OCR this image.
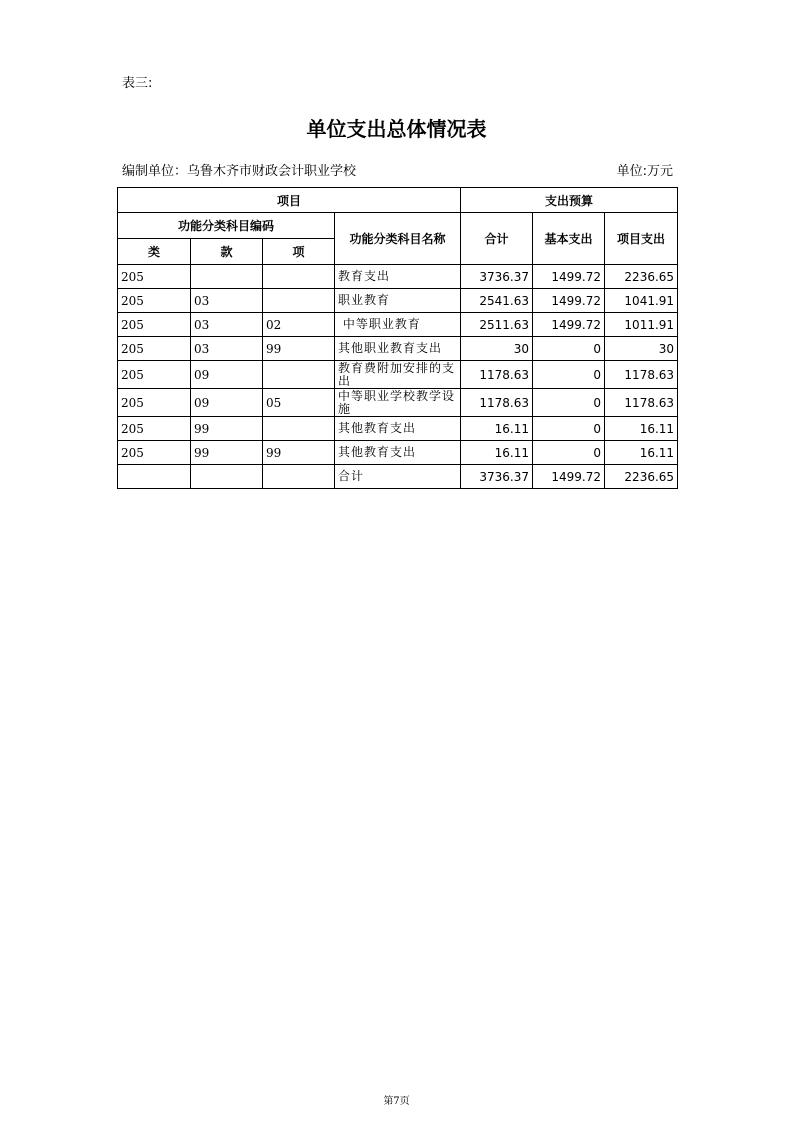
表三:
单位支出总体情况表
编制单位：乌鲁木齐市财政会计职业学校	单位:万元
项目				支出预算		
功能分类科目编码			功能分类科目名称	合计	基本支出	项目支出
类	款	项				
205			教育支出	3736.37	1499.72	2236.65
205	03		职业教育	2541.63	1499.72	1041.91
205	03	02	中等职业教育	2511.63	1499.72	1011.91
205	03	99	其他职业教育支出	30	0	30
205	09		教育费附加安排的支出	1178.63	0	1178.63
205	09	05	中等职业学校教学设施	1178.63	0	1178.63
205	99		其他教育支出	16.11	0	16.11
205	99	99	其他教育支出	16.11	0	16.11
			合计	3736.37	1499.72	2236.65
第7页
